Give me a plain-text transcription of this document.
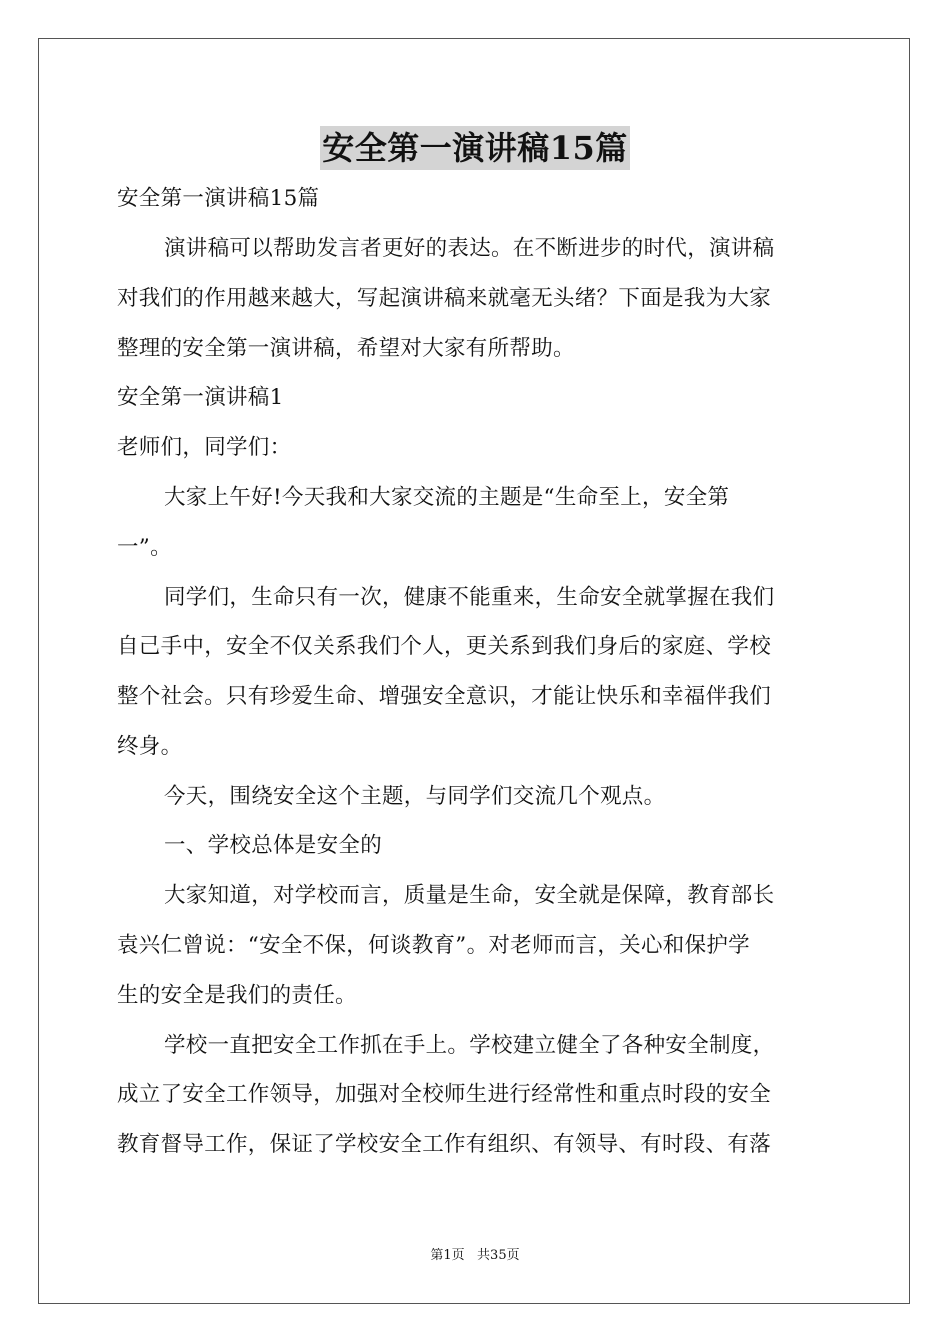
安全第一演讲稿15篇
安全第一演讲稿15篇
演讲稿可以帮助发言者更好的表达。在不断进步的时代，演讲稿
对我们的作用越来越大，写起演讲稿来就毫无头绪？下面是我为大家
整理的安全第一演讲稿，希望对大家有所帮助。
安全第一演讲稿1
老师们，同学们：
大家上午好!今天我和大家交流的主题是“生命至上，安全第
一”。
同学们，生命只有一次，健康不能重来，生命安全就掌握在我们
自己手中，安全不仅关系我们个人，更关系到我们身后的家庭、学校
整个社会。只有珍爱生命、增强安全意识，才能让快乐和幸福伴我们
终身。
今天，围绕安全这个主题，与同学们交流几个观点。
一、学校总体是安全的
大家知道，对学校而言，质量是生命，安全就是保障，教育部长
袁兴仁曾说：“安全不保，何谈教育”。对老师而言，关心和保护学
生的安全是我们的责任。
学校一直把安全工作抓在手上。学校建立健全了各种安全制度，
成立了安全工作领导，加强对全校师生进行经常性和重点时段的安全
教育督导工作，保证了学校安全工作有组织、有领导、有时段、有落
第1页   共35页
